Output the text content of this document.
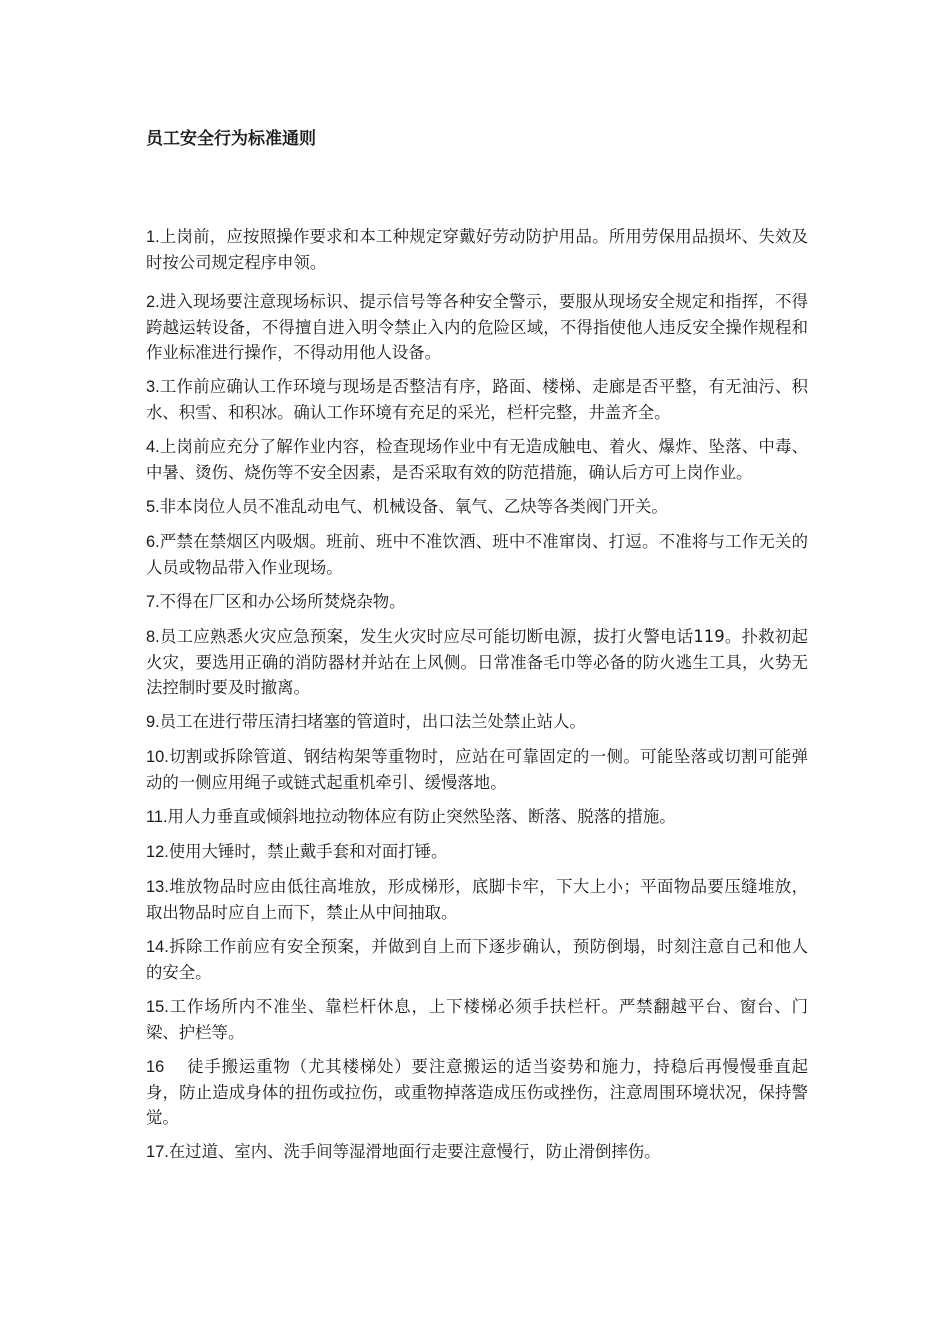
员工安全行为标准通则
1.上岗前，应按照操作要求和本工种规定穿戴好劳动防护用品。所用劳保用品损坏、失效及时按公司规定程序申领。
2.进入现场要注意现场标识、提示信号等各种安全警示，要服从现场安全规定和指挥，不得跨越运转设备，不得擅自进入明令禁止入内的危险区域，不得指使他人违反安全操作规程和作业标准进行操作，不得动用他人设备。
3.工作前应确认工作环境与现场是否整洁有序，路面、楼梯、走廊是否平整，有无油污、积水、积雪、和积冰。确认工作环境有充足的采光，栏杆完整，井盖齐全。
4.上岗前应充分了解作业内容，检查现场作业中有无造成触电、着火、爆炸、坠落、中毒、中暑、烫伤、烧伤等不安全因素，是否采取有效的防范措施，确认后方可上岗作业。
5.非本岗位人员不准乱动电气、机械设备、氧气、乙炔等各类阀门开关。
6.严禁在禁烟区内吸烟。班前、班中不准饮酒、班中不准窜岗、打逗。不准将与工作无关的人员或物品带入作业现场。
7.不得在厂区和办公场所焚烧杂物。
8.员工应熟悉火灾应急预案，发生火灾时应尽可能切断电源，拔打火警电话119。扑救初起火灾，要选用正确的消防器材并站在上风侧。日常准备毛巾等必备的防火逃生工具，火势无法控制时要及时撤离。
9.员工在进行带压清扫堵塞的管道时，出口法兰处禁止站人。
10.切割或拆除管道、钢结构架等重物时，应站在可靠固定的一侧。可能坠落或切割可能弹动的一侧应用绳子或链式起重机牵引、缓慢落地。
11.用人力垂直或倾斜地拉动物体应有防止突然坠落、断落、脱落的措施。
12.使用大锤时，禁止戴手套和对面打锤。
13.堆放物品时应由低往高堆放，形成梯形，底脚卡牢，下大上小；平面物品要压缝堆放，取出物品时应自上而下，禁止从中间抽取。
14.拆除工作前应有安全预案，并做到自上而下逐步确认，预防倒塌，时刻注意自己和他人的安全。
15.工作场所内不准坐、靠栏杆休息，上下楼梯必须手扶栏杆。严禁翻越平台、窗台、门梁、护栏等。
16 徒手搬运重物（尤其楼梯处）要注意搬运的适当姿势和施力，持稳后再慢慢垂直起身，防止造成身体的扭伤或拉伤，或重物掉落造成压伤或挫伤，注意周围环境状况，保持警觉。
17.在过道、室内、洗手间等湿滑地面行走要注意慢行，防止滑倒摔伤。
